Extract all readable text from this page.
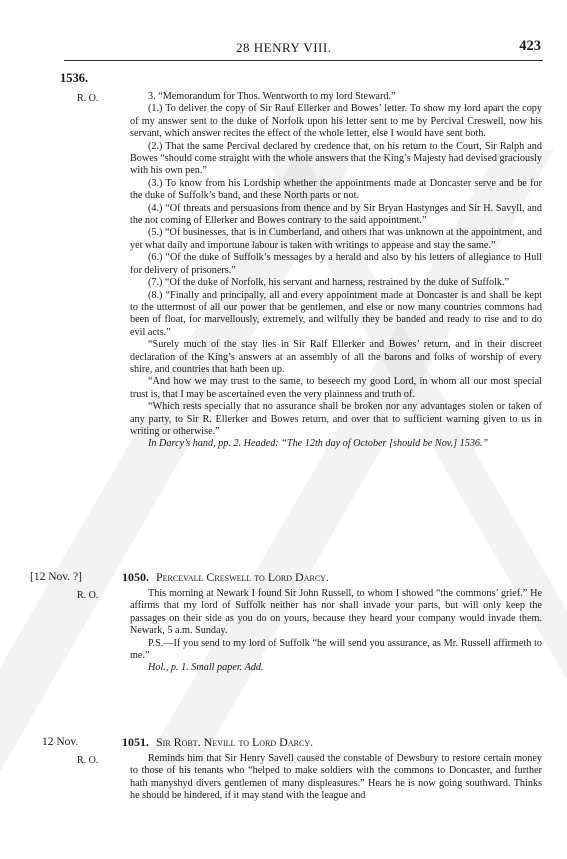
28 HENRY VIII.	423
1536.
R. O.	3. “Memorandum for Thos. Wentworth to my lord Steward.”

(1.) To deliver the copy of Sir Rauf Ellerker and Bowes’ letter. To show my lord apart the copy of my answer sent to the duke of Norfolk upon his letter sent to me by Percival Creswell, now his servant, which answer recites the effect of the whole letter, else I would have sent both.

(2.) That the same Percival declared by credence that, on his return to the Court, Sir Ralph and Bowes “should come straight with the whole answers that the King’s Majesty had devised graciously with his own pen.”

(3.) To know from his Lordship whether the appointments made at Doncaster serve and be for the duke of Suffolk’s band, and these North parts or not.

(4.) “Of threats and persuasions from thence and by Sir Bryan Hastynges and Sir H. Savyll, and the not coming of Ellerker and Bowes contrary to the said appointment.”

(5.) “Of businesses, that is in Cumberland, and others that was unknown at the appointment, and yet what daily and importune labour is taken with writings to appease and stay the same.”

(6.) “Of the duke of Suffolk’s messages by a herald and also by his letters of allegiance to Hull for delivery of prisoners.”

(7.) “Of the duke of Norfolk, his servant and harness, restrained by the duke of Suffolk.”

(8.) “Finally and principally, all and every appointment made at Doncaster is and shall be kept to the uttermost of all our power that be gentlemen, and else or now many countries commons had been of float, for marvellously, extremely, and wilfully they be banded and ready to rise and to do evil acts.”

“Surely much of the stay lies in Sir Ralf Ellerker and Bowes’ return, and in their discreet declaration of the King’s answers at an assembly of all the barons and folks of worship of every shire, and countries that hath been up.

“And how we may trust to the same, to beseech my good Lord, in whom all our most special trust is, that I may be ascertained even the very plainness and truth of.

“Which rests specially that no assurance shall be broken nor any advantages stolen or taken of any party, to Sir R. Ellerker and Bowes return, and over that to sufficient warning given to us in writing or otherwise.”

In Darcy’s hand, pp. 2. Headed: “The 12th day of October [should be Nov.] 1536.”

[12 Nov. ?]
R. O.
1050. Percevall Creswell to Lord Darcy.

This morning at Newark I found Sir John Russell, to whom I showed “the commons’ grief.” He affirms that my lord of Suffolk neither has nor shall invade your parts, but will only keep the passages on their side as you do on yours, because they heard your company would invade them. Newark, 5 a.m. Sunday.

P.S.—If you send to my lord of Suffolk “he will send you assurance, as Mr. Russell affirmeth to me.”

Hol., p. 1. Small paper. Add.

12 Nov.
R. O.
1051. Sir Robt. Nevill to Lord Darcy.

Reminds him that Sir Henry Savell caused the constable of Dewsbury to restore certain money to those of his tenants who “helped to make soldiers with the commons to Doncaster, and further hath manyshyd divers gentlemen of many displeasures.” Hears he is now going southward. Thinks he should be hindered, if it may stand with the league and
